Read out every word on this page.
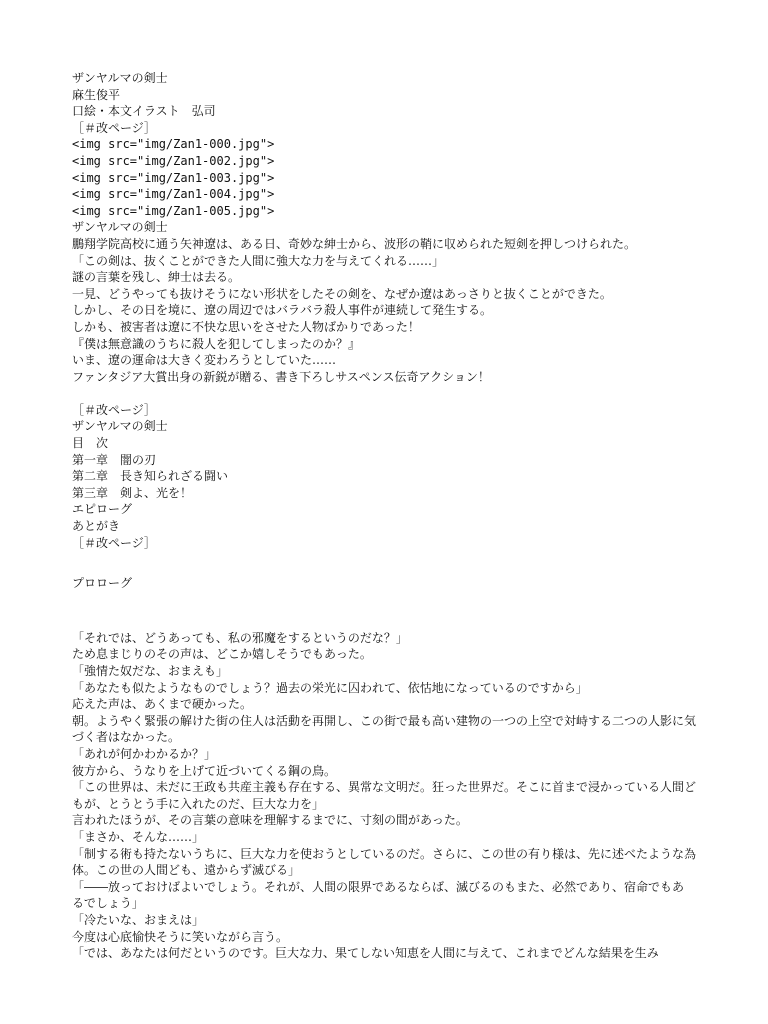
ザンヤルマの剣士
麻生俊平
口絵・本文イラスト　弘司
［＃改ページ］
<img src="img/Zan1-000.jpg">
<img src="img/Zan1-002.jpg">
<img src="img/Zan1-003.jpg">
<img src="img/Zan1-004.jpg">
<img src="img/Zan1-005.jpg">
ザンヤルマの剣士
鵬翔学院高校に通う矢神遼は、ある日、奇妙な紳士から、波形の鞘に収められた短剣を押しつけられた。
「この剣は、抜くことができた人間に強大な力を与えてくれる……」
謎の言葉を残し、紳士は去る。
一見、どうやっても抜けそうにない形状をしたその剣を、なぜか遼はあっさりと抜くことができた。
しかし、その日を境に、遼の周辺ではバラバラ殺人事件が連続して発生する。
しかも、被害者は遼に不快な思いをさせた人物ばかりであった！
『僕は無意識のうちに殺人を犯してしまったのか？』
いま、遼の運命は大きく変わろうとしていた……
ファンタジア大賞出身の新鋭が贈る、書き下ろしサスペンス伝奇アクション！
［＃改ページ］
ザンヤルマの剣士
目　次
第一章　闇の刃
第二章　長き知られざる闘い
第三章　剣よ、光を！
エピローグ
あとがき
［＃改ページ］
プロローグ
「それでは、どうあっても、私の邪魔をするというのだな？」
ため息まじりのその声は、どこか嬉しそうでもあった。
「強情た奴だな、おまえも」
「あなたも似たようなものでしょう？過去の栄光に囚われて、依怙地になっているのですから」
応えた声は、あくまで硬かった。
朝。ようやく緊張の解けた街の住人は活動を再開し、この街で最も高い建物の一つの上空で対峙する二つの人影に気づく者はなかった。
「あれが何かわかるか？」
彼方から、うなりを上げて近づいてくる鋼の鳥。
「この世界は、未だに王政も共産主義も存在する、異常な文明だ。狂った世界だ。そこに首まで浸かっている人間どもが、とうとう手に入れたのだ、巨大な力を」
言われたほうが、その言葉の意味を理解するまでに、寸刻の間があった。
「まさか、そんな……」
「制する術も持たないうちに、巨大な力を使おうとしているのだ。さらに、この世の有り様は、先に述べたような為体。この世の人間ども、遠からず滅びる」
「――放っておけばよいでしょう。それが、人間の限界であるならば、滅びるのもまた、必然であり、宿命でもあるでしょう」
「冷たいな、おまえは」
今度は心底愉快そうに笑いながら言う。
「では、あなたは何だというのです。巨大な力、果てしない知恵を人間に与えて、これまでどんな結果を生み
